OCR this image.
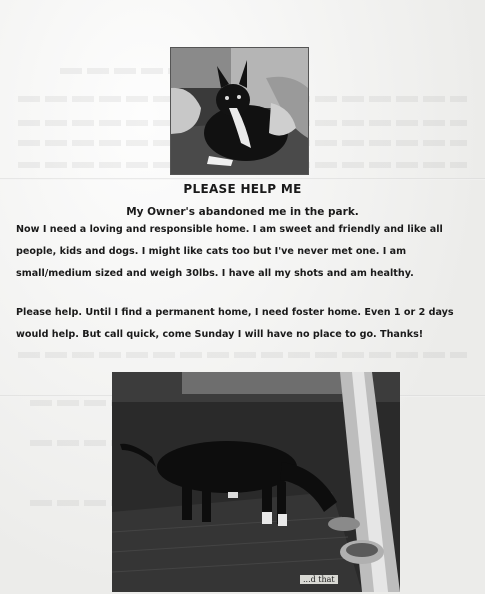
PLEASE HELP ME
My Owner's abandoned me in the park.
Now I need a loving and responsible home. I am sweet and friendly and like all people, kids and dogs. I might like cats too but I've never met one. I am small/medium sized and weigh 30lbs. I have all my shots and am healthy.
Please help. Until I find a permanent home, I need foster home. Even 1 or 2 days would help. But call quick, come Sunday I will have no place to go. Thanks!
...d that
